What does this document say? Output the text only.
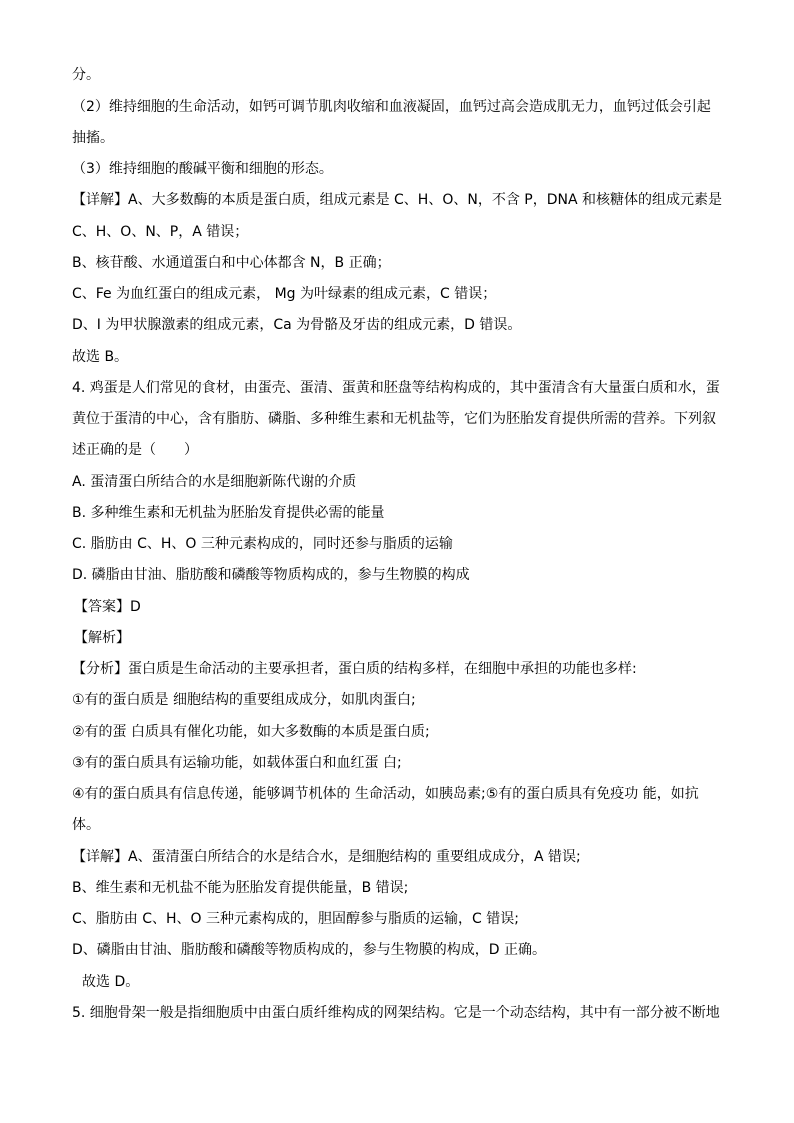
分。
（2）维持细胞的生命活动，如钙可调节肌肉收缩和血液凝固，血钙过高会造成肌无力，血钙过低会引起
抽搐。
（3）维持细胞的酸碱平衡和细胞的形态。
【详解】A、大多数酶的本质是蛋白质，组成元素是 C、H、O、N，不含 P，DNA 和核糖体的组成元素是
C、H、O、N、P，A 错误；
B、核苷酸、水通道蛋白和中心体都含 N，B 正确；
C、Fe 为血红蛋白的组成元素， Mg 为叶绿素的组成元素，C 错误；
D、I 为甲状腺激素的组成元素，Ca 为骨骼及牙齿的组成元素，D 错误。
故选 B。
4. 鸡蛋是人们常见的食材，由蛋壳、蛋清、蛋黄和胚盘等结构构成的，其中蛋清含有大量蛋白质和水，蛋
黄位于蛋清的中心，含有脂肪、磷脂、多种维生素和无机盐等，它们为胚胎发育提供所需的营养。下列叙
述正确的是（　　）
A. 蛋清蛋白所结合的水是细胞新陈代谢的介质
B. 多种维生素和无机盐为胚胎发育提供必需的能量
C. 脂肪由 C、H、O 三种元素构成的，同时还参与脂质的运输
D. 磷脂由甘油、脂肪酸和磷酸等物质构成的，参与生物膜的构成
【答案】D
【解析】
【分析】蛋白质是生命活动的主要承担者，蛋白质的结构多样，在细胞中承担的功能也多样:
①有的蛋白质是 细胞结构的重要组成成分，如肌肉蛋白;
②有的蛋 白质具有催化功能，如大多数酶的本质是蛋白质;
③有的蛋白质具有运输功能，如载体蛋白和血红蛋 白;
④有的蛋白质具有信息传递，能够调节机体的 生命活动，如胰岛素;⑤有的蛋白质具有免疫功 能，如抗
体。
【详解】A、蛋清蛋白所结合的水是结合水，是细胞结构的 重要组成成分，A 错误;
B、维生素和无机盐不能为胚胎发育提供能量，B 错误;
C、脂肪由 C、H、O 三种元素构成的，胆固醇参与脂质的运输，C 错误;
D、磷脂由甘油、脂肪酸和磷酸等物质构成的，参与生物膜的构成，D 正确。
故选 D。
5. 细胞骨架一般是指细胞质中由蛋白质纤维构成的网架结构。它是一个动态结构，其中有一部分被不断地
